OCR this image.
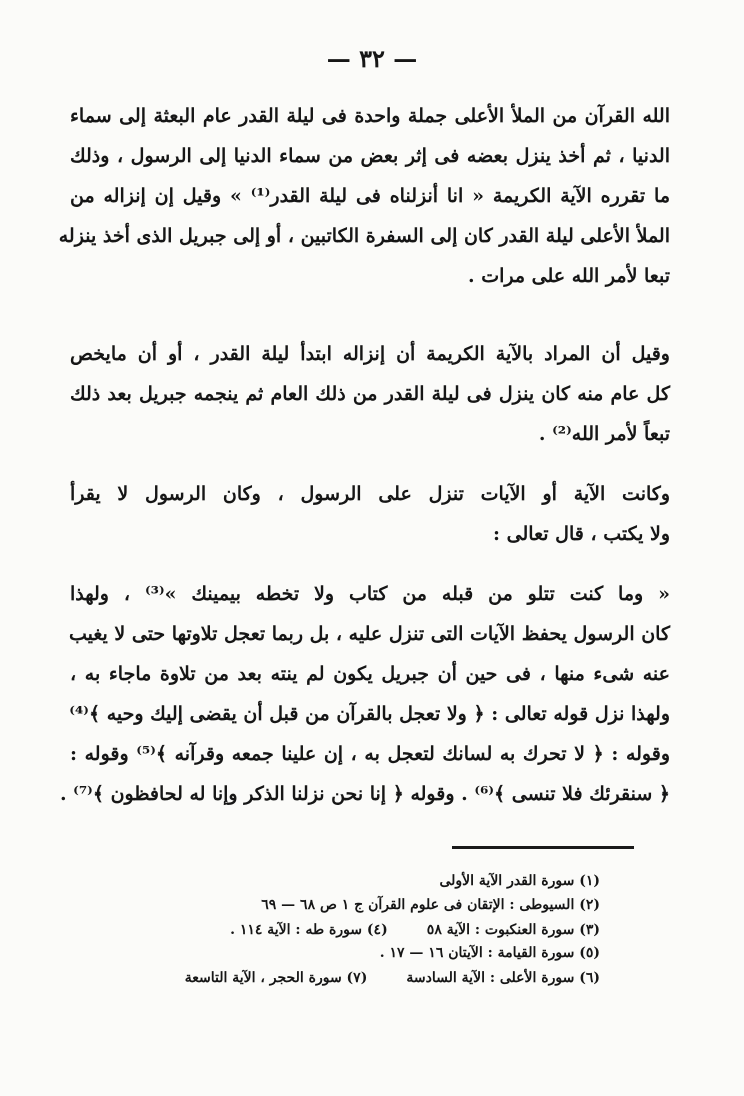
— ٣٢ —
الله القرآن من الملأ الأعلى جملة واحدة فى ليلة القدر عام البعثة إلى سماء
الدنيا ، ثم أخذ ينزل بعضه فى إثر بعض من سماء الدنيا إلى الرسول ، وذلك
ما تقرره الآية الكريمة « انا أنزلناه فى ليلة القدر⁽¹⁾ » وقيل إن إنزاله من
الملأ الأعلى ليلة القدر كان إلى السفرة الكاتبين ، أو إلى جبريل الذى أخذ ينزله
تبعا لأمر الله على مرات .
وقيل أن المراد بالآية الكريمة أن إنزاله ابتدأ ليلة القدر ، أو أن مايخص
كل عام منه كان ينزل فى ليلة القدر من ذلك العام ثم ينجمه جبريل بعد ذلك
تبعاً لأمر الله⁽²⁾ .
وكانت الآية أو الآيات تنزل على الرسول ، وكان الرسول لا يقرأ
ولا يكتب ، قال تعالى :
« وما كنت تتلو من قبله من كتاب ولا تخطه بيمينك »⁽³⁾ ، ولهذا
كان الرسول يحفظ الآيات التى تنزل عليه ، بل ربما تعجل تلاوتها حتى لا يغيب
عنه شىء منها ، فى حين أن جبريل يكون لم ينته بعد من تلاوة ماجاء به ،
ولهذا نزل قوله تعالى : ﴿ ولا تعجل بالقرآن من قبل أن يقضى إليك وحيه ﴾⁽⁴⁾
وقوله : ﴿ لا تحرك به لسانك لتعجل به ، إن علينا جمعه وقرآنه ﴾⁽⁵⁾ وقوله :
﴿ سنقرئك فلا تنسى ﴾⁽⁶⁾ . وقوله ﴿ إنا نحن نزلنا الذكر وإنا له لحافظون ﴾⁽⁷⁾ .
(١) سورة القدر الآية الأولى
(٢) السيوطى : الإتقان فى علوم القرآن ج ١ ص ٦٨ — ٦٩
(٣) سورة العنكبوت : الآية ٥٨ (٤) سورة طه : الآية ١١٤ .
(٥) سورة القيامة : الآيتان ١٦ — ١٧ .
(٦) سورة الأعلى : الآية السادسة (٧) سورة الحجر ، الآية التاسعة
